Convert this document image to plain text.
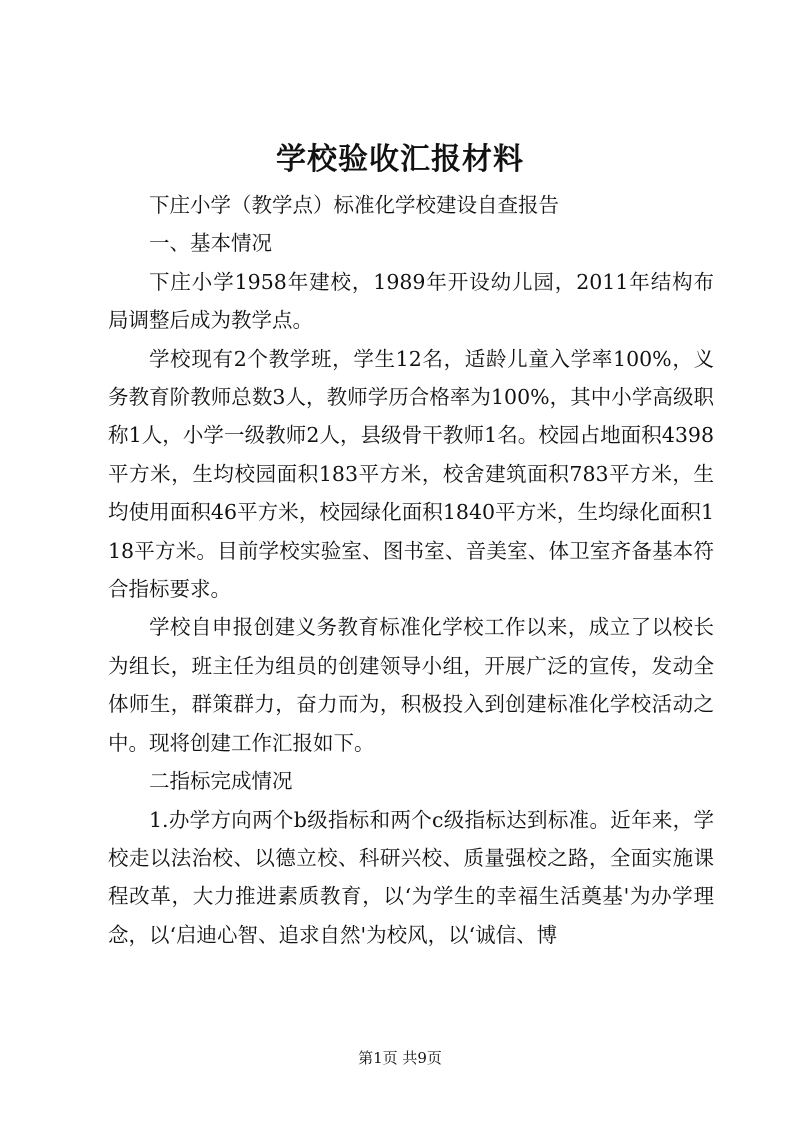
学校验收汇报材料

下庄小学（教学点）标准化学校建设自查报告

一、基本情况

下庄小学1958年建校，1989年开设幼儿园，2011年结构布局调整后成为教学点。

学校现有2个教学班，学生12名，适龄儿童入学率100%，义务教育阶教师总数3人，教师学历合格率为100%，其中小学高级职称1人，小学一级教师2人，县级骨干教师1名。校园占地面积4398平方米，生均校园面积183平方米，校舍建筑面积783平方米，生均使用面积46平方米，校园绿化面积1840平方米，生均绿化面积118平方米。目前学校实验室、图书室、音美室、体卫室齐备基本符合指标要求。

学校自申报创建义务教育标准化学校工作以来，成立了以校长为组长，班主任为组员的创建领导小组，开展广泛的宣传，发动全体师生，群策群力，奋力而为，积极投入到创建标准化学校活动之中。现将创建工作汇报如下。

二指标完成情况

1.办学方向两个b级指标和两个c级指标达到标准。近年来，学校走以法治校、以德立校、科研兴校、质量强校之路，全面实施课程改革，大力推进素质教育，以‘为学生的幸福生活奠基'为办学理念，以‘启迪心智、追求自然'为校风，以‘诚信、博

第1页 共9页
